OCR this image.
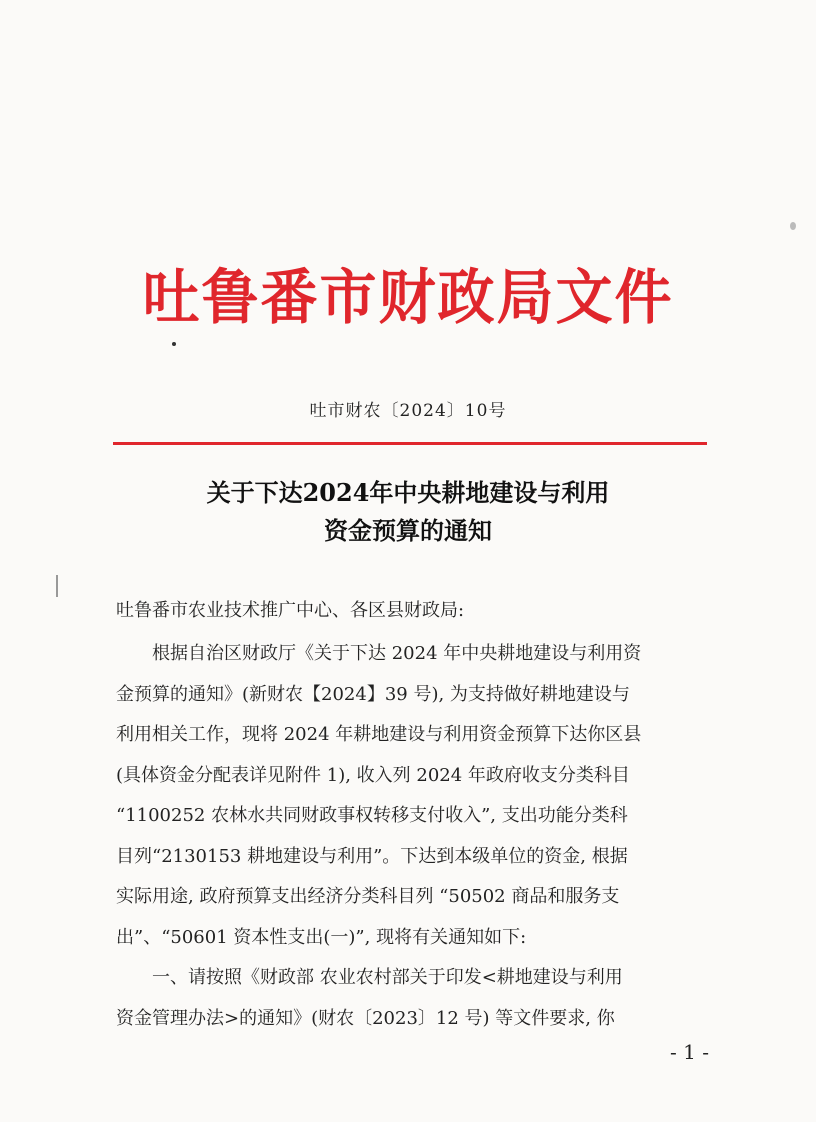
吐鲁番市财政局文件
吐市财农〔2024〕10号
关于下达2024年中央耕地建设与利用
资金预算的通知
吐鲁番市农业技术推广中心、各区县财政局:
根据自治区财政厅《关于下达 2024 年中央耕地建设与利用资
金预算的通知》(新财农【2024】39 号), 为支持做好耕地建设与
利用相关工作，现将 2024 年耕地建设与利用资金预算下达你区县
(具体资金分配表详见附件 1), 收入列 2024 年政府收支分类科目
“1100252 农林水共同财政事权转移支付收入”, 支出功能分类科
目列“2130153 耕地建设与利用”。下达到本级单位的资金, 根据
实际用途, 政府预算支出经济分类科目列 “50502 商品和服务支
出”、“50601 资本性支出(一)”, 现将有关通知如下:
一、请按照《财政部 农业农村部关于印发<耕地建设与利用
资金管理办法>的通知》(财农〔2023〕12 号) 等文件要求, 你
- 1 -
